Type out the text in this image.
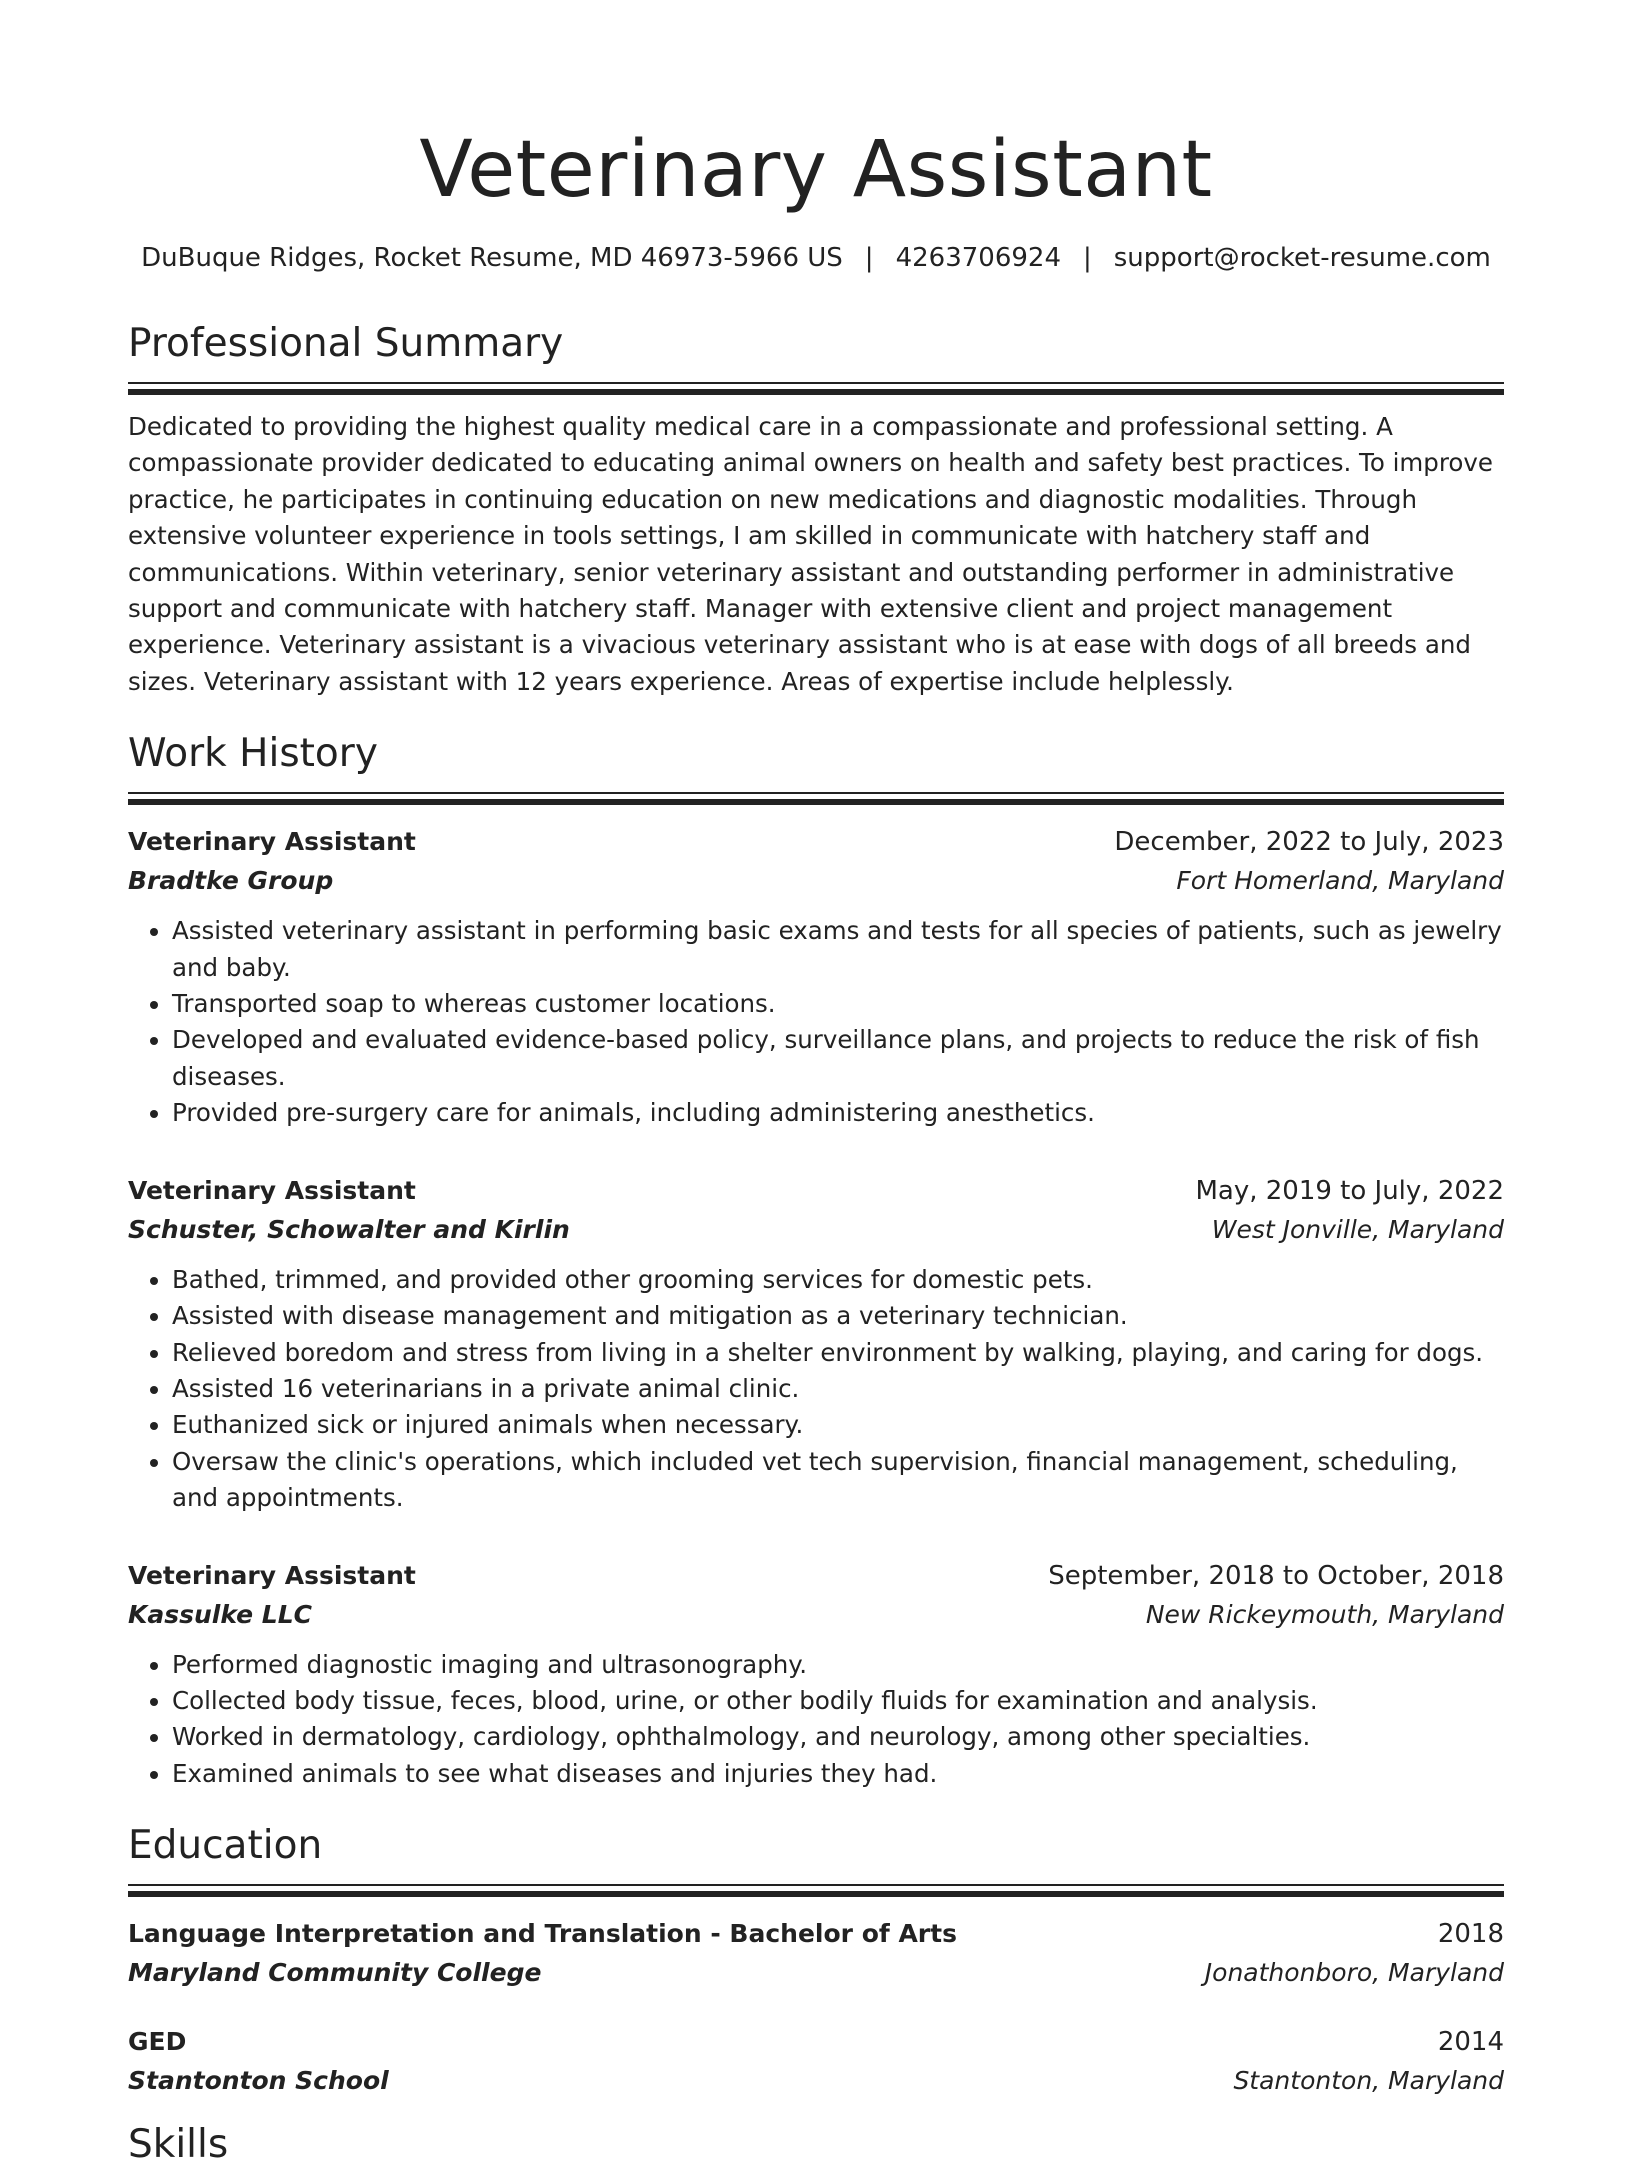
Veterinary Assistant
DuBuque Ridges, Rocket Resume, MD 46973-5966 US | 4263706924 | support@rocket-resume.com
Professional Summary

Dedicated to providing the highest quality medical care in a compassionate and professional setting. A compassionate provider dedicated to educating animal owners on health and safety best practices. To improve practice, he participates in continuing education on new medications and diagnostic modalities. Through extensive volunteer experience in tools settings, I am skilled in communicate with hatchery staff and communications. Within veterinary, senior veterinary assistant and outstanding performer in administrative support and communicate with hatchery staff. Manager with extensive client and project management experience. Veterinary assistant is a vivacious veterinary assistant who is at ease with dogs of all breeds and sizes. Veterinary assistant with 12 years experience. Areas of expertise include helplessly.

Work History
Veterinary Assistant	December, 2022 to July, 2023
Bradtke Group	Fort Homerland, Maryland
• Assisted veterinary assistant in performing basic exams and tests for all species of patients, such as jewelry and baby.
• Transported soap to whereas customer locations.
• Developed and evaluated evidence-based policy, surveillance plans, and projects to reduce the risk of fish diseases.
• Provided pre-surgery care for animals, including administering anesthetics.
Veterinary Assistant	May, 2019 to July, 2022
Schuster, Schowalter and Kirlin	West Jonville, Maryland
• Bathed, trimmed, and provided other grooming services for domestic pets.
• Assisted with disease management and mitigation as a veterinary technician.
• Relieved boredom and stress from living in a shelter environment by walking, playing, and caring for dogs.
• Assisted 16 veterinarians in a private animal clinic.
• Euthanized sick or injured animals when necessary.
• Oversaw the clinic's operations, which included vet tech supervision, financial management, scheduling, and appointments.
Veterinary Assistant	September, 2018 to October, 2018
Kassulke LLC	New Rickeymouth, Maryland
• Performed diagnostic imaging and ultrasonography.
• Collected body tissue, feces, blood, urine, or other bodily fluids for examination and analysis.
• Worked in dermatology, cardiology, ophthalmology, and neurology, among other specialties.
• Examined animals to see what diseases and injuries they had.
Education
Language Interpretation and Translation - Bachelor of Arts	2018
Maryland Community College	Jonathonboro, Maryland
GED	2014
Stantonton School	Stantonton, Maryland
Skills
